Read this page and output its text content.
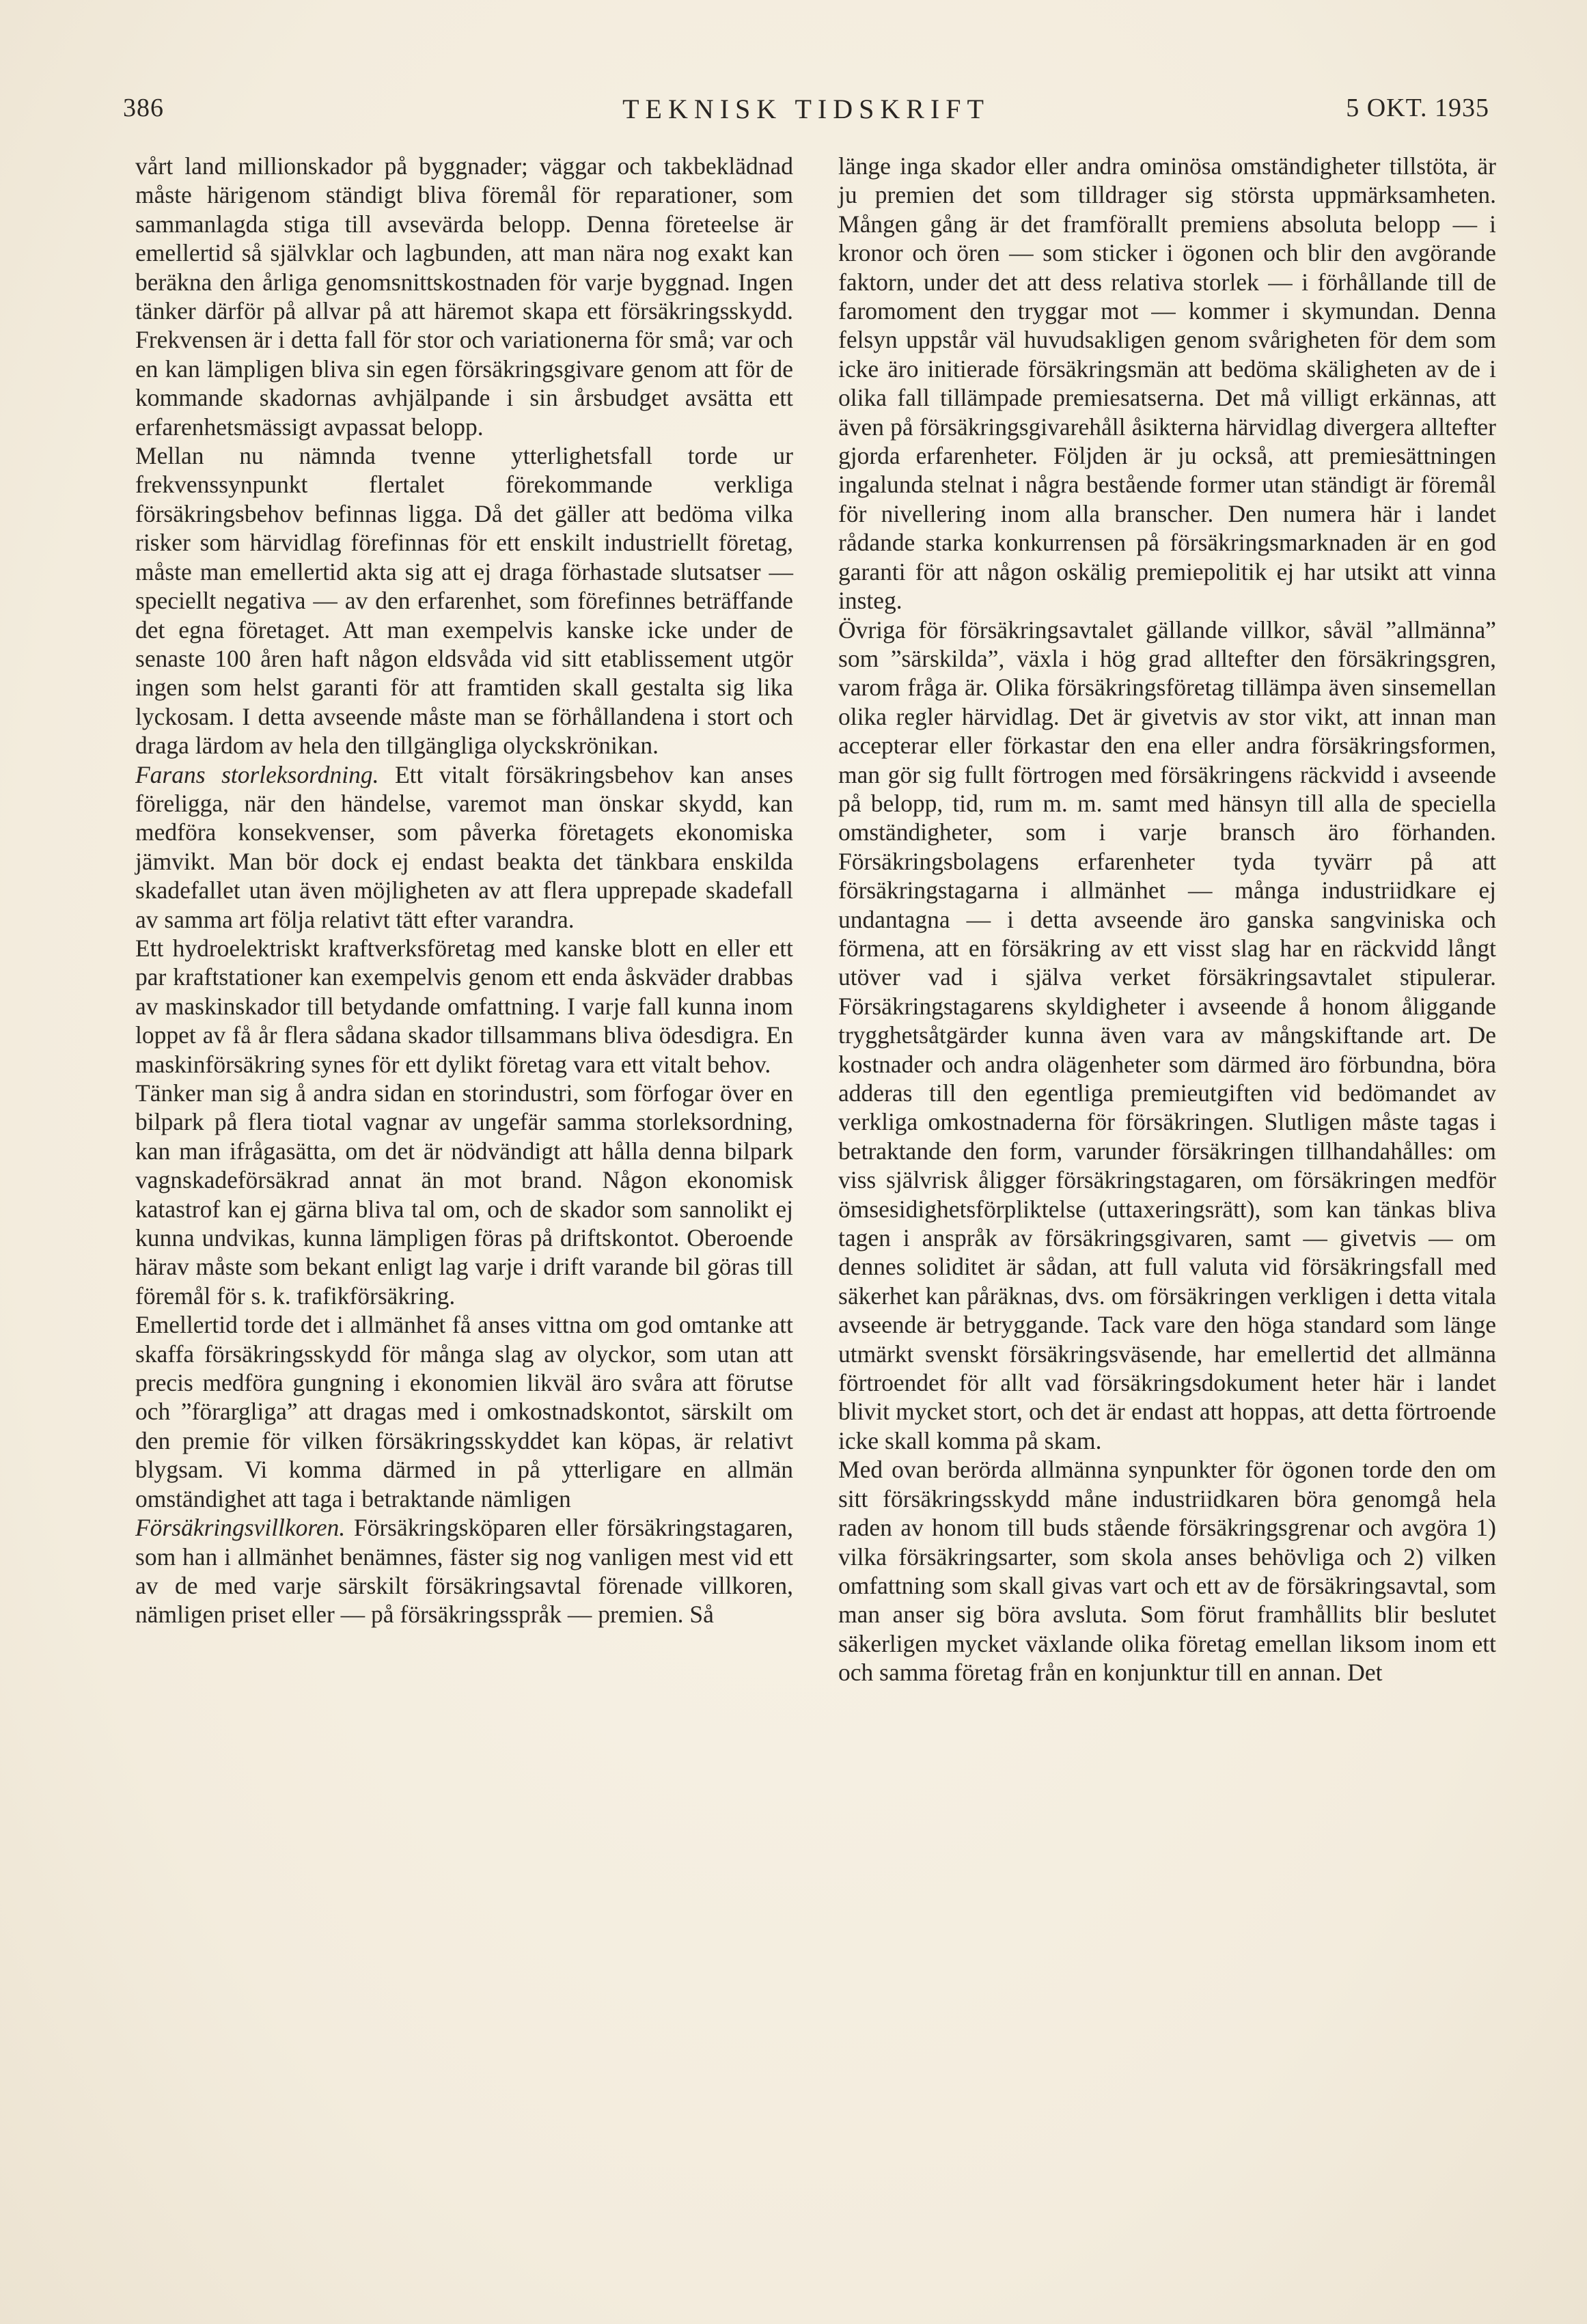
386	TEKNISK TIDSKRIFT	5 OKT. 1935

vårt land millionskador på byggnader; väggar och takbeklädnad måste härigenom ständigt bliva föremål för reparationer, som sammanlagda stiga till avsevärda belopp. Denna företeelse är emellertid så självklar och lagbunden, att man nära nog exakt kan beräkna den årliga genomsnittskostnaden för varje byggnad. Ingen tänker därför på allvar på att häremot skapa ett försäkringsskydd. Frekvensen är i detta fall för stor och variationerna för små; var och en kan lämpligen bliva sin egen försäkringsgivare genom att för de kommande skadornas avhjälpande i sin årsbudget avsätta ett erfarenhetsmässigt avpassat belopp.

Mellan nu nämnda tvenne ytterlighetsfall torde ur frekvenssynpunkt flertalet förekommande verkliga försäkringsbehov befinnas ligga. Då det gäller att bedöma vilka risker som härvidlag förefinnas för ett enskilt industriellt företag, måste man emellertid akta sig att ej draga förhastade slutsatser — speciellt negativa — av den erfarenhet, som förefinnes beträffande det egna företaget. Att man exempelvis kanske icke under de senaste 100 åren haft någon eldsvåda vid sitt etablissement utgör ingen som helst garanti för att framtiden skall gestalta sig lika lyckosam. I detta avseende måste man se förhållandena i stort och draga lärdom av hela den tillgängliga olyckskrönikan.

Farans storleksordning. Ett vitalt försäkringsbehov kan anses föreligga, när den händelse, varemot man önskar skydd, kan medföra konsekvenser, som påverka företagets ekonomiska jämvikt. Man bör dock ej endast beakta det tänkbara enskilda skadefallet utan även möjligheten av att flera upprepade skadefall av samma art följa relativt tätt efter varandra.

Ett hydroelektriskt kraftverksföretag med kanske blott en eller ett par kraftstationer kan exempelvis genom ett enda åskväder drabbas av maskinskador till betydande omfattning. I varje fall kunna inom loppet av få år flera sådana skador tillsammans bliva ödesdigra. En maskinförsäkring synes för ett dylikt företag vara ett vitalt behov.

Tänker man sig å andra sidan en storindustri, som förfogar över en bilpark på flera tiotal vagnar av ungefär samma storleksordning, kan man ifrågasätta, om det är nödvändigt att hålla denna bilpark vagnskadeförsäkrad annat än mot brand. Någon ekonomisk katastrof kan ej gärna bliva tal om, och de skador som sannolikt ej kunna undvikas, kunna lämpligen föras på driftskontot. Oberoende härav måste som bekant enligt lag varje i drift varande bil göras till föremål för s. k. trafikförsäkring.

Emellertid torde det i allmänhet få anses vittna om god omtanke att skaffa försäkringsskydd för många slag av olyckor, som utan att precis medföra gungning i ekonomien likväl äro svåra att förutse och ”förargliga” att dragas med i omkostnadskontot, särskilt om den premie för vilken försäkringsskyddet kan köpas, är relativt blygsam. Vi komma därmed in på ytterligare en allmän omständighet att taga i betraktande nämligen

Försäkringsvillkoren. Försäkringsköparen eller försäkringstagaren, som han i allmänhet benämnes, fäster sig nog vanligen mest vid ett av de med varje särskilt försäkringsavtal förenade villkoren, nämligen priset eller — på försäkringsspråk — premien. Så

länge inga skador eller andra ominösa omständigheter tillstöta, är ju premien det som tilldrager sig största uppmärksamheten. Mången gång är det framförallt premiens absoluta belopp — i kronor och ören — som sticker i ögonen och blir den avgörande faktorn, under det att dess relativa storlek — i förhållande till de faromoment den tryggar mot — kommer i skymundan. Denna felsyn uppstår väl huvudsakligen genom svårigheten för dem som icke äro initierade försäkringsmän att bedöma skäligheten av de i olika fall tillämpade premiesatserna. Det må villigt erkännas, att även på försäkringsgivarehåll åsikterna härvidlag divergera alltefter gjorda erfarenheter. Följden är ju också, att premiesättningen ingalunda stelnat i några bestående former utan ständigt är föremål för nivellering inom alla branscher. Den numera här i landet rådande starka konkurrensen på försäkringsmarknaden är en god garanti för att någon oskälig premiepolitik ej har utsikt att vinna insteg.

Övriga för försäkringsavtalet gällande villkor, såväl ”allmänna” som ”särskilda”, växla i hög grad alltefter den försäkringsgren, varom fråga är. Olika försäkringsföretag tillämpa även sinsemellan olika regler härvidlag. Det är givetvis av stor vikt, att innan man accepterar eller förkastar den ena eller andra försäkringsformen, man gör sig fullt förtrogen med försäkringens räckvidd i avseende på belopp, tid, rum m. m. samt med hänsyn till alla de speciella omständigheter, som i varje bransch äro förhanden. Försäkringsbolagens erfarenheter tyda tyvärr på att försäkringstagarna i allmänhet — många industriidkare ej undantagna — i detta avseende äro ganska sangviniska och förmena, att en försäkring av ett visst slag har en räckvidd långt utöver vad i själva verket försäkringsavtalet stipulerar. Försäkringstagarens skyldigheter i avseende å honom åliggande trygghetsåtgärder kunna även vara av mångskiftande art. De kostnader och andra olägenheter som därmed äro förbundna, böra adderas till den egentliga premieutgiften vid bedömandet av verkliga omkostnaderna för försäkringen. Slutligen måste tagas i betraktande den form, varunder försäkringen tillhandahålles: om viss självrisk åligger försäkringstagaren, om försäkringen medför ömsesidighetsförpliktelse (uttaxeringsrätt), som kan tänkas bliva tagen i anspråk av försäkringsgivaren, samt — givetvis — om dennes soliditet är sådan, att full valuta vid försäkringsfall med säkerhet kan påräknas, dvs. om försäkringen verkligen i detta vitala avseende är betryggande. Tack vare den höga standard som länge utmärkt svenskt försäkringsväsende, har emellertid det allmänna förtroendet för allt vad försäkringsdokument heter här i landet blivit mycket stort, och det är endast att hoppas, att detta förtroende icke skall komma på skam.

Med ovan berörda allmänna synpunkter för ögonen torde den om sitt försäkringsskydd måne industriidkaren böra genomgå hela raden av honom till buds stående försäkringsgrenar och avgöra 1) vilka försäkringsarter, som skola anses behövliga och 2) vilken omfattning som skall givas vart och ett av de försäkringsavtal, som man anser sig böra avsluta. Som förut framhållits blir beslutet säkerligen mycket växlande olika företag emellan liksom inom ett och samma företag från en konjunktur till en annan. Det
